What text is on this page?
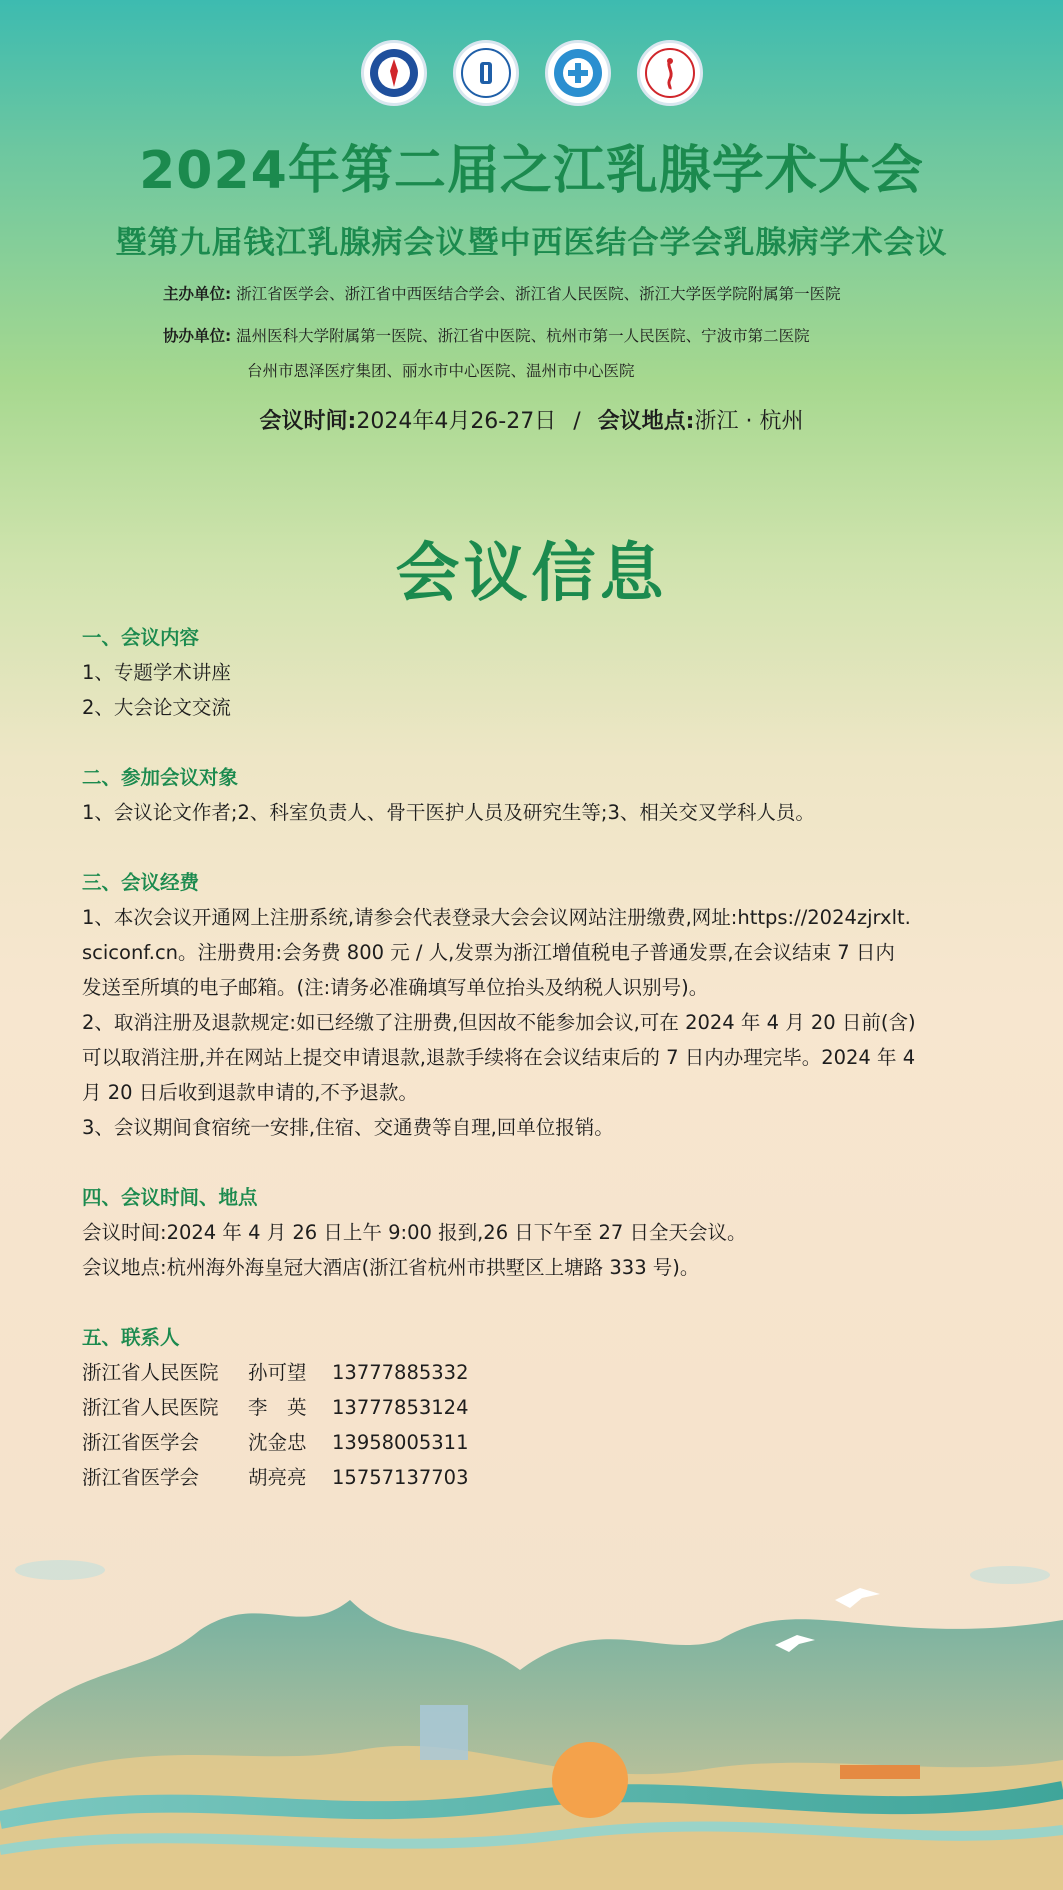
2024年第二届之江乳腺学术大会
暨第九届钱江乳腺病会议暨中西医结合学会乳腺病学术会议
主办单位: 浙江省医学会、浙江省中西医结合学会、浙江省人民医院、浙江大学医学院附属第一医院
协办单位: 温州医科大学附属第一医院、浙江省中医院、杭州市第一人民医院、宁波市第二医院
台州市恩泽医疗集团、丽水市中心医院、温州市中心医院
会议时间:2024年4月26-27日 / 会议地点:浙江 · 杭州
会议信息
一、会议内容

1、专题学术讲座

2、大会论文交流

二、参加会议对象

1、会议论文作者;2、科室负责人、骨干医护人员及研究生等;3、相关交叉学科人员。

三、会议经费

1、本次会议开通网上注册系统,请参会代表登录大会会议网站注册缴费,网址:https://2024zjrxlt.

sciconf.cn。注册费用:会务费 800 元 / 人,发票为浙江增值税电子普通发票,在会议结束 7 日内

发送至所填的电子邮箱。(注:请务必准确填写单位抬头及纳税人识别号)。

2、取消注册及退款规定:如已经缴了注册费,但因故不能参加会议,可在 2024 年 4 月 20 日前(含)

可以取消注册,并在网站上提交申请退款,退款手续将在会议结束后的 7 日内办理完毕。2024 年 4

月 20 日后收到退款申请的,不予退款。

3、会议期间食宿统一安排,住宿、交通费等自理,回单位报销。

四、会议时间、地点

会议时间:2024 年 4 月 26 日上午 9:00 报到,26 日下午至 27 日全天会议。

会议地点:杭州海外海皇冠大酒店(浙江省杭州市拱墅区上塘路 333 号)。

五、联系人
浙江省人民医院	孙可望	13777885332
浙江省人民医院	李　英	13777853124
浙江省医学会	沈金忠	13958005311
浙江省医学会	胡亮亮	15757137703
